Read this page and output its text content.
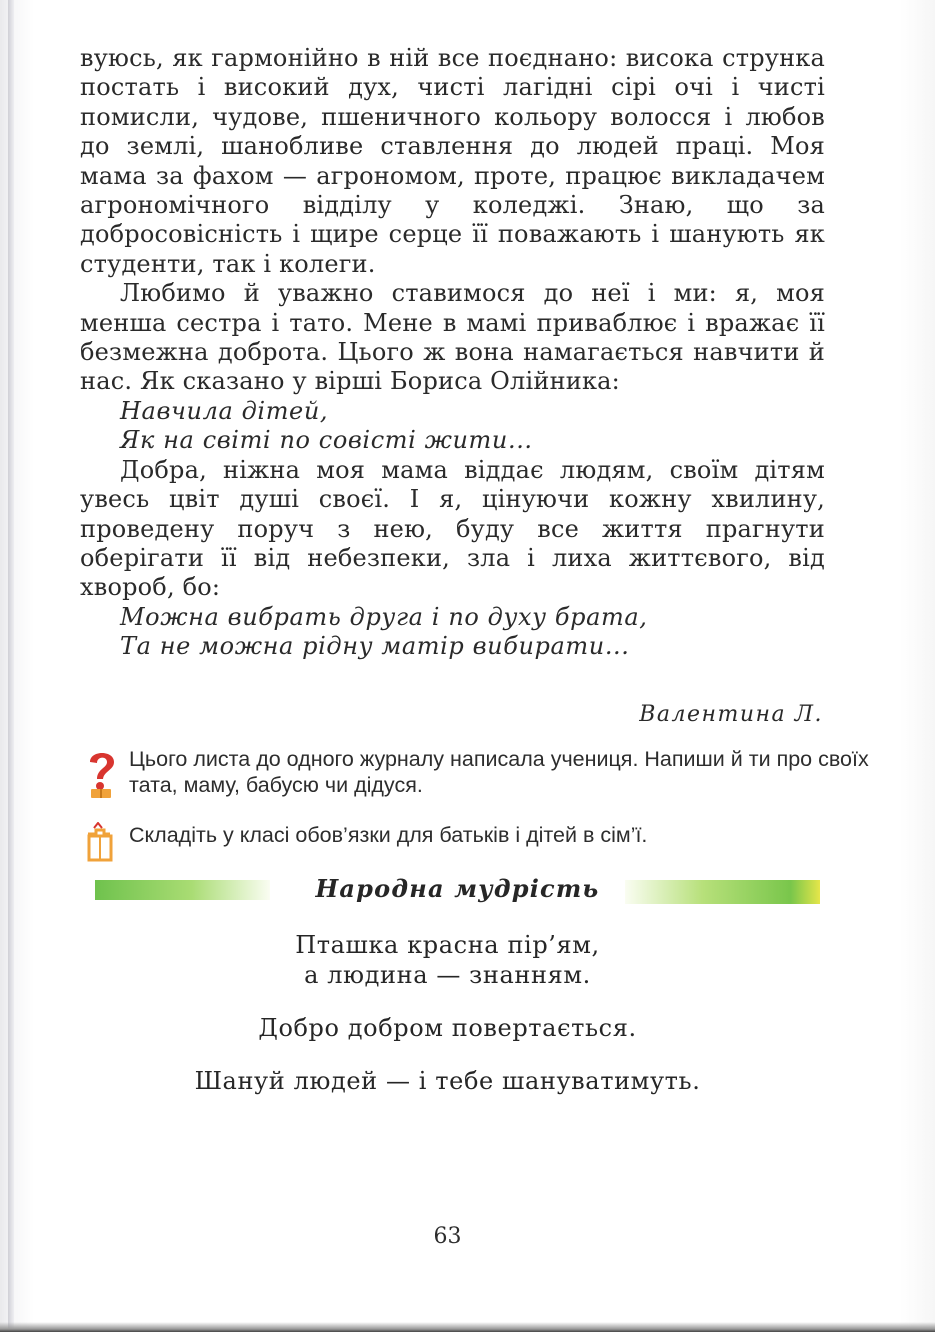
вуюсь, як гармонійно в ній все поєднано: висока струнка постать і високий дух, чисті лагідні сірі очі і чисті помисли, чудове, пшеничного кольору волосся і любов до землі, шанобливе ставлення до людей праці. Моя мама за фахом — агрономом, проте, працює викладачем агрономічного відділу у коледжі. Знаю, що за добросовісність і щире серце її поважають і шанують як студенти, так і колеги.

Любимо й уважно ставимося до неї і ми: я, моя менша сестра і тато. Мене в мамі приваблює і вражає її безмежна доброта. Цього ж вона намагається навчити й нас. Як сказано у вірші Бориса Олійника:

Навчила дітей,

Як на світі по совісті жити...

Добра, ніжна моя мама віддає людям, своїм дітям увесь цвіт душі своєї. І я, цінуючи кожну хвилину, проведену поруч з нею, буду все життя прагнути оберігати її від небезпеки, зла і лиха життєвого, від хвороб, бо:

Можна вибрать друга і по духу брата,

Та не можна рідну матір вибирати...

Валентина Л.
Цього листа до одного журналу написала учениця. Напиши й ти про своїх тата, маму, бабусю чи дідуся.
Складіть у класі обов’язки для батьків і дітей в сім’ї.
Народна мудрість
Пташка красна пір’ям,
а людина — знанням.
Добро добром повертається.
Шануй людей — і тебе шануватимуть.
63
